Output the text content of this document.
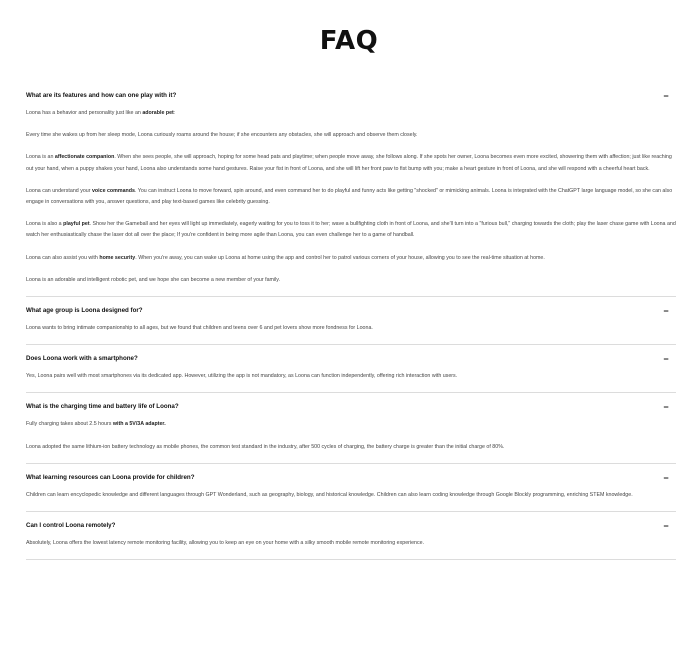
FAQ
What are its features and how can one play with it?	−

Loona has a behavior and personality just like an adorable pet:

Every time she wakes up from her sleep mode, Loona curiously roams around the house; if she encounters any obstacles, she will approach and observe them closely.

Loona is an affectionate companion. When she sees people, she will approach, hoping for some head pats and playtime; when people move away, she follows along. If she spots her owner, Loona becomes even more excited, showering them with affection; just like reaching out your hand, when a puppy shakes your hand, Loona also understands some hand gestures. Raise your fist in front of Loona, and she will lift her front paw to fist bump with you; make a heart gesture in front of Loona, and she will respond with a cheerful heart back.

Loona can understand your voice commands. You can instruct Loona to move forward, spin around, and even command her to do playful and funny acts like getting "shocked" or mimicking animals. Loona is integrated with the ChatGPT large language model, so she can also engage in conversations with you, answer questions, and play text-based games like celebrity guessing.

Loona is also a playful pet. Show her the Gameball and her eyes will light up immediately, eagerly waiting for you to toss it to her; wave a bullfighting cloth in front of Loona, and she'll turn into a "furious bull," charging towards the cloth; play the laser chase game with Loona and watch her enthusiastically chase the laser dot all over the place; If you're confident in being more agile than Loona, you can even challenge her to a game of handball.

Loona can also assist you with home security. When you're away, you can wake up Loona at home using the app and control her to patrol various corners of your house, allowing you to see the real-time situation at home.

Loona is an adorable and intelligent robotic pet, and we hope she can become a new member of your family.

What age group is Loona designed for?	−

Loona wants to bring intimate companionship to all ages, but we found that children and teens over 6 and pet lovers show more fondness for Loona.

Does Loona work with a smartphone?	−

Yes, Loona pairs well with most smartphones via its dedicated app. However, utilizing the app is not mandatory, as Loona can function independently, offering rich interaction with users.

What is the charging time and battery life of Loona?	−

Fully charging takes about 2.5 hours with a 5V/3A adapter.

Loona adopted the same lithium-ion battery technology as mobile phones, the common test standard in the industry, after 500 cycles of charging, the battery charge is greater than the initial charge of 80%.

What learning resources can Loona provide for children?	−

Children can learn encyclopedic knowledge and different languages through GPT Wonderland, such as geography, biology, and historical knowledge. Children can also learn coding knowledge through Google Blockly programming, enriching STEM knowledge.

Can I control Loona remotely?	−

Absolutely, Loona offers the lowest latency remote monitoring facility, allowing you to keep an eye on your home with a silky smooth mobile remote monitoring experience.
